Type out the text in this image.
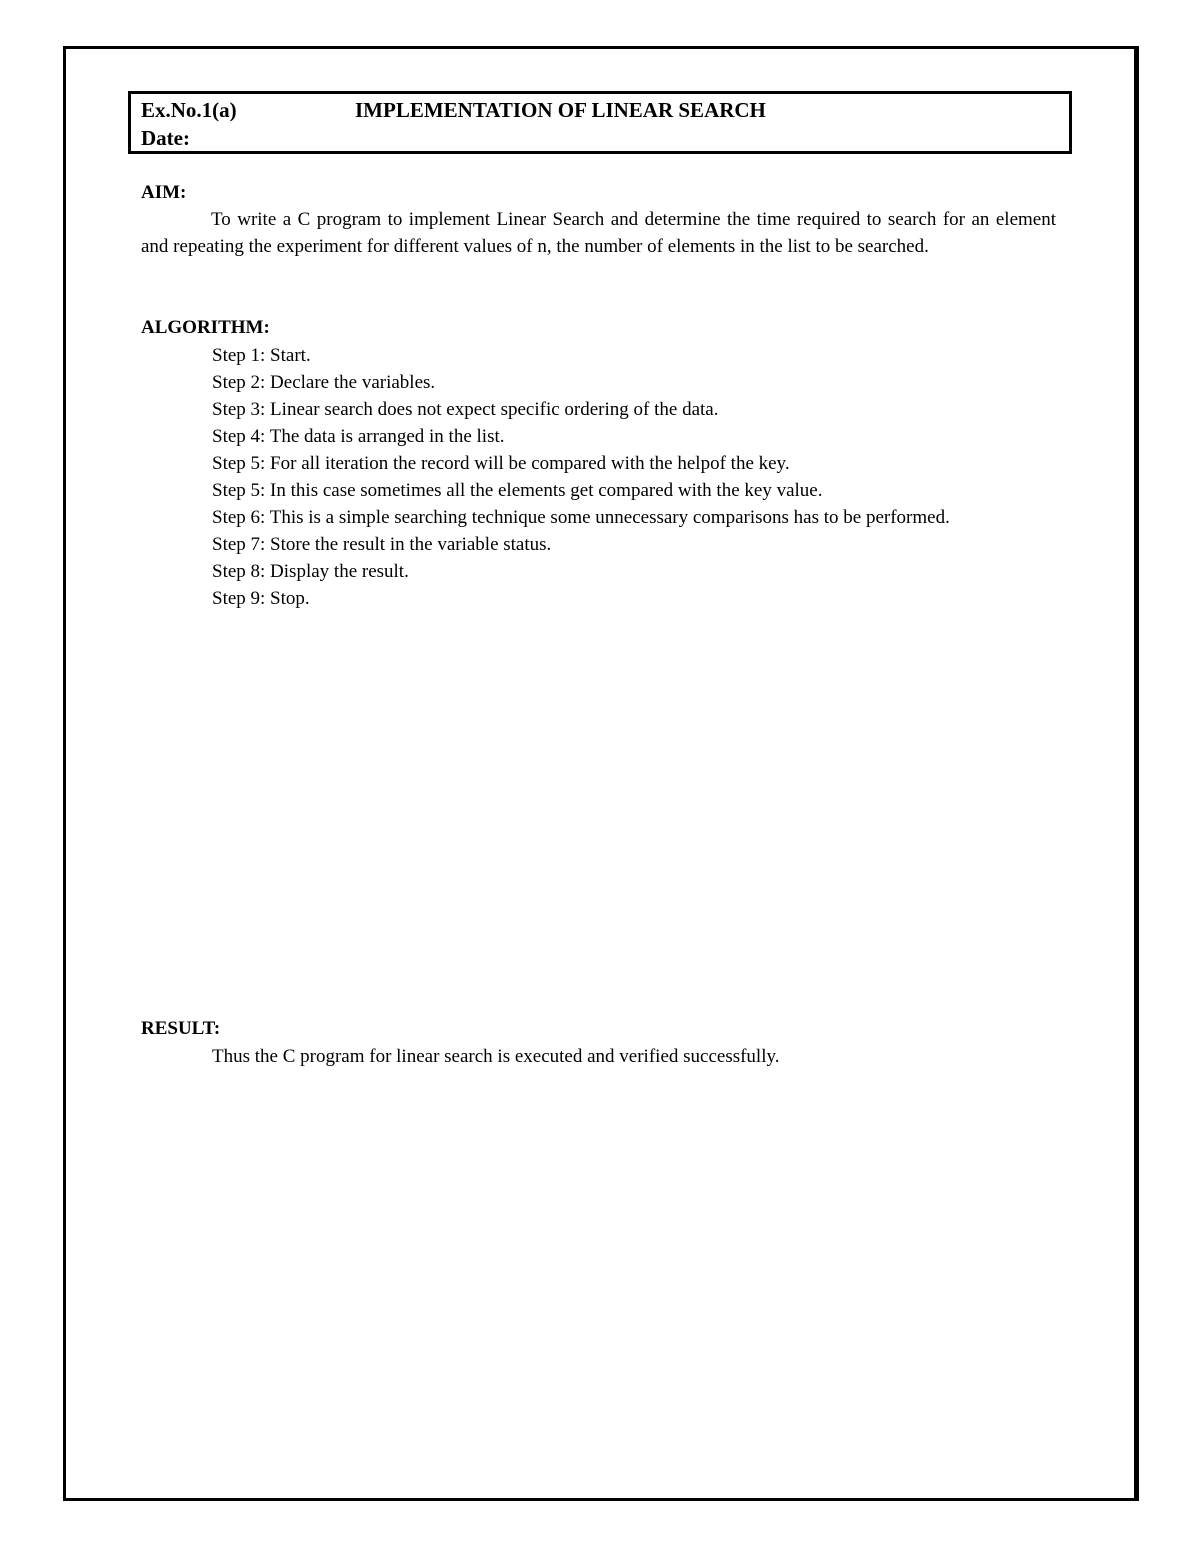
Ex.No.1(a)
Date:
IMPLEMENTATION OF LINEAR SEARCH
AIM:

To write a C program to implement Linear Search and determine the time required to search for an element and repeating the experiment for different values of n, the number of elements in the list to be searched.

ALGORITHM:
Step 1: Start.
Step 2: Declare the variables.
Step 3: Linear search does not expect specific ordering of the data.
Step 4: The data is arranged in the list.
Step 5: For all iteration the record will be compared with the helpof the key.
Step 5: In this case sometimes all the elements get compared with the key value.
Step 6: This is a simple searching technique some unnecessary comparisons has to be performed.
Step 7: Store the result in the variable status.
Step 8: Display the result.
Step 9: Stop.
RESULT:

Thus the C program for linear search is executed and verified successfully.
